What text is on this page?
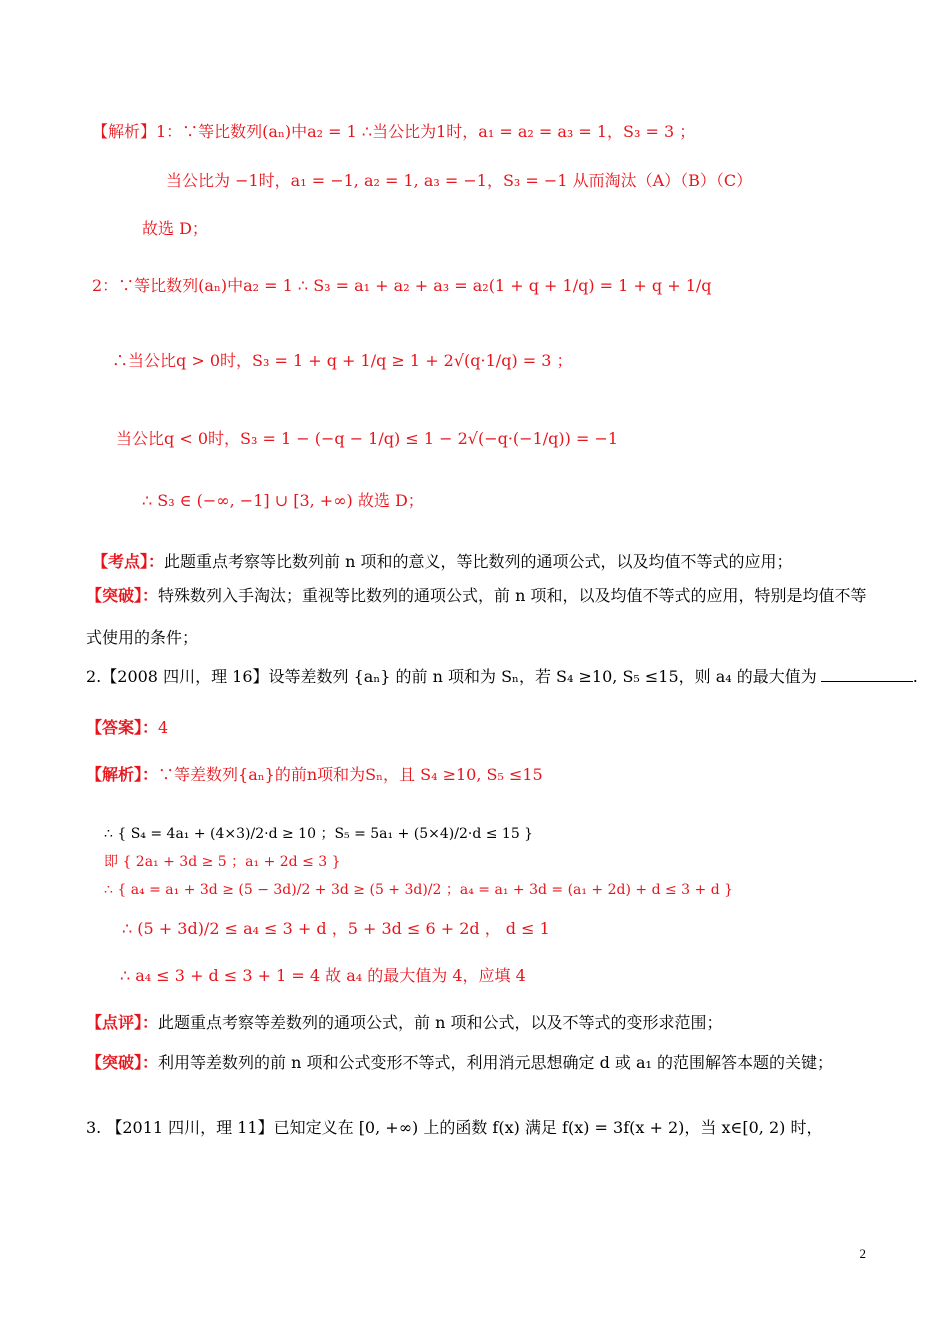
【解析】1：∵等比数列(aₙ)中a₂ = 1 ∴当公比为1时，a₁ = a₂ = a₃ = 1，S₃ = 3 ；
当公比为 −1时，a₁ = −1, a₂ = 1, a₃ = −1，S₃ = −1 从而淘汰（A）（B）（C）
故选 D；
2：∵等比数列(aₙ)中a₂ = 1 ∴ S₃ = a₁ + a₂ + a₃ = a₂(1 + q + 1/q) = 1 + q + 1/q
∴当公比q > 0时，S₃ = 1 + q + 1/q ≥ 1 + 2√(q·1/q) = 3 ；
当公比q < 0时，S₃ = 1 − (−q − 1/q) ≤ 1 − 2√(−q·(−1/q)) = −1
∴ S₃ ∈ (−∞, −1] ∪ [3, +∞) 故选 D；
【考点】：此题重点考察等比数列前 n 项和的意义，等比数列的通项公式，以及均值不等式的应用；
【突破】：特殊数列入手淘汰；重视等比数列的通项公式，前 n 项和，以及均值不等式的应用，特别是均值不等
式使用的条件；
2.【2008 四川，理 16】设等差数列 {aₙ} 的前 n 项和为 Sₙ，若 S₄ ≥10, S₅ ≤15，则 a₄ 的最大值为	.
【答案】：4
【解析】：∵等差数列{aₙ}的前n项和为Sₙ，且 S₄ ≥10, S₅ ≤15
∴ { S₄ = 4a₁ + (4×3)/2·d ≥ 10 ；S₅ = 5a₁ + (5×4)/2·d ≤ 15 }
即 { 2a₁ + 3d ≥ 5 ；a₁ + 2d ≤ 3 }
∴ { a₄ = a₁ + 3d ≥ (5 − 3d)/2 + 3d ≥ (5 + 3d)/2 ；a₄ = a₁ + 3d = (a₁ + 2d) + d ≤ 3 + d }
∴ (5 + 3d)/2 ≤ a₄ ≤ 3 + d ，5 + 3d ≤ 6 + 2d ， d ≤ 1
∴ a₄ ≤ 3 + d ≤ 3 + 1 = 4 故 a₄ 的最大值为 4，应填 4
【点评】：此题重点考察等差数列的通项公式，前 n 项和公式，以及不等式的变形求范围；
【突破】：利用等差数列的前 n 项和公式变形不等式，利用消元思想确定 d 或 a₁ 的范围解答本题的关键；
3. 【2011 四川，理 11】已知定义在 [0, +∞) 上的函数 f(x) 满足 f(x) = 3f(x + 2)，当 x∈[0, 2) 时，
2
